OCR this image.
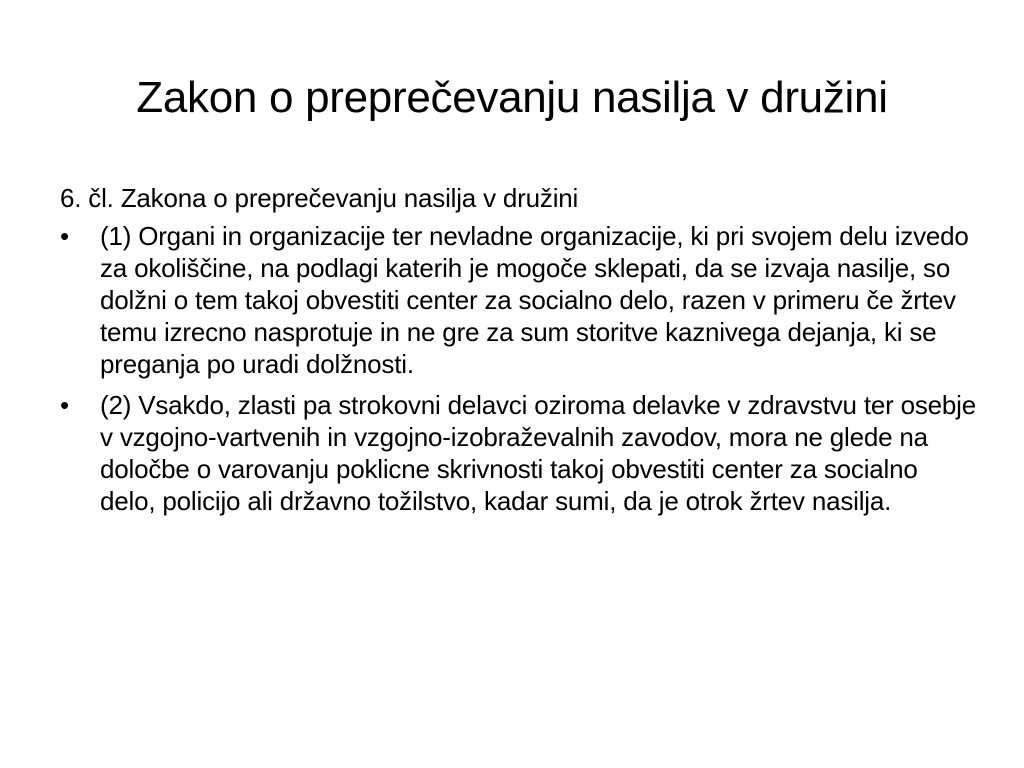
Zakon o preprečevanju nasilja v družini

6. čl. Zakona o preprečevanju nasilja v družini

•	(1) Organi in organizacije ter nevladne organizacije, ki pri svojem delu izvedo za okoliščine, na podlagi katerih je mogoče sklepati, da se izvaja nasilje, so dolžni o tem takoj obvestiti center za socialno delo, razen v primeru če žrtev temu izrecno nasprotuje in ne gre za sum storitve kaznivega dejanja, ki se preganja po uradi dolžnosti.
•	(2) Vsakdo, zlasti pa strokovni delavci oziroma delavke v zdravstvu ter osebje v vzgojno-vartvenih in vzgojno-izobraževalnih zavodov, mora ne glede na določbe o varovanju poklicne skrivnosti takoj obvestiti center za socialno delo, policijo ali državno tožilstvo, kadar sumi, da je otrok žrtev nasilja.
